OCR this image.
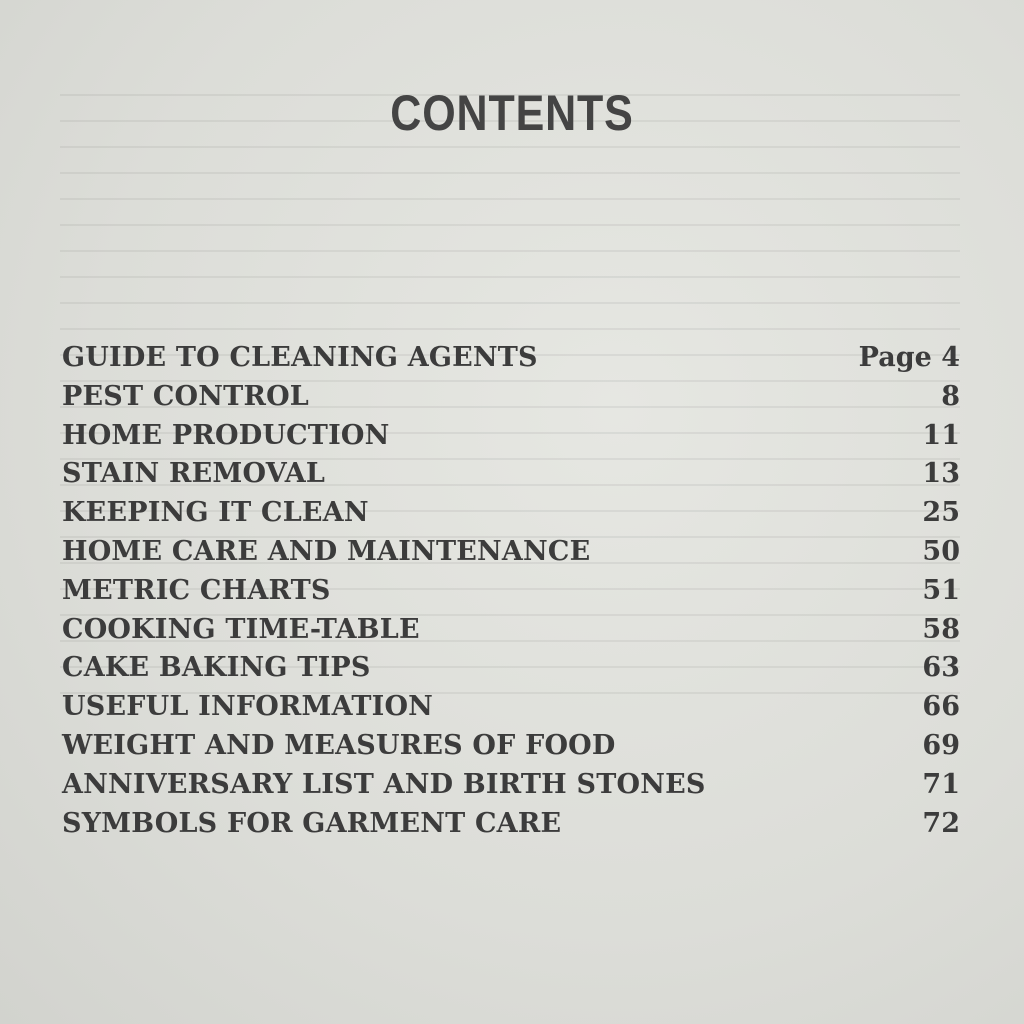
CONTENTS
GUIDE TO CLEANING AGENTS	Page 4
PEST CONTROL	8
HOME PRODUCTION	11
STAIN REMOVAL	13
KEEPING IT CLEAN	25
HOME CARE AND MAINTENANCE	50
METRIC CHARTS	51
COOKING TIME-TABLE	58
CAKE BAKING TIPS	63
USEFUL INFORMATION	66
WEIGHT AND MEASURES OF FOOD	69
ANNIVERSARY LIST AND BIRTH STONES	71
SYMBOLS FOR GARMENT CARE	72
